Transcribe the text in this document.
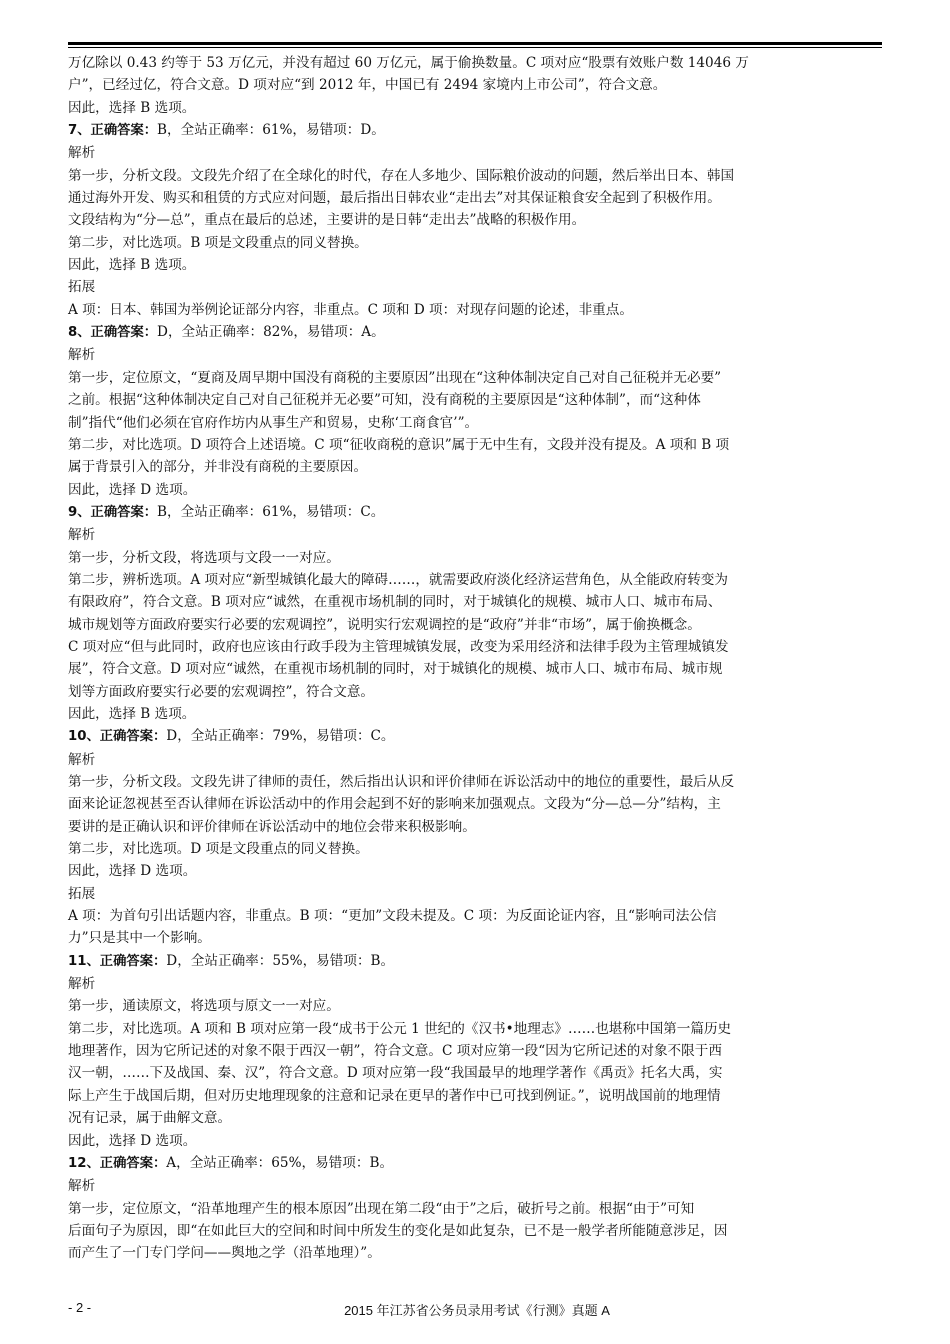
万亿除以 0.43 约等于 53 万亿元，并没有超过 60 万亿元，属于偷换数量。C 项对应“股票有效账户数 14046 万
户”，已经过亿，符合文意。D 项对应“到 2012 年，中国已有 2494 家境内上市公司”，符合文意。
因此，选择 B 选项。
7、正确答案：B，全站正确率：61%，易错项：D。
解析
第一步，分析文段。文段先介绍了在全球化的时代，存在人多地少、国际粮价波动的问题，然后举出日本、韩国
通过海外开发、购买和租赁的方式应对问题，最后指出日韩农业“走出去”对其保证粮食安全起到了积极作用。
文段结构为“分—总”，重点在最后的总述，主要讲的是日韩“走出去”战略的积极作用。
第二步，对比选项。B 项是文段重点的同义替换。
因此，选择 B 选项。
拓展
A 项：日本、韩国为举例论证部分内容，非重点。C 项和 D 项：对现存问题的论述，非重点。
8、正确答案：D，全站正确率：82%，易错项：A。
解析
第一步，定位原文，“夏商及周早期中国没有商税的主要原因”出现在“这种体制决定自己对自己征税并无必要”
之前。根据“这种体制决定自己对自己征税并无必要”可知，没有商税的主要原因是“这种体制”，而“这种体
制”指代“他们必须在官府作坊内从事生产和贸易，史称‘工商食官’”。
第二步，对比选项。D 项符合上述语境。C 项“征收商税的意识”属于无中生有，文段并没有提及。A 项和 B 项
属于背景引入的部分，并非没有商税的主要原因。
因此，选择 D 选项。
9、正确答案：B，全站正确率：61%，易错项：C。
解析
第一步，分析文段，将选项与文段一一对应。
第二步，辨析选项。A 项对应“新型城镇化最大的障碍……，就需要政府淡化经济运营角色，从全能政府转变为
有限政府”，符合文意。B 项对应“诚然，在重视市场机制的同时，对于城镇化的规模、城市人口、城市布局、
城市规划等方面政府要实行必要的宏观调控”，说明实行宏观调控的是“政府”并非“市场”，属于偷换概念。
C 项对应“但与此同时，政府也应该由行政手段为主管理城镇发展，改变为采用经济和法律手段为主管理城镇发
展”，符合文意。D 项对应“诚然，在重视市场机制的同时，对于城镇化的规模、城市人口、城市布局、城市规
划等方面政府要实行必要的宏观调控”，符合文意。
因此，选择 B 选项。
10、正确答案：D，全站正确率：79%，易错项：C。
解析
第一步，分析文段。文段先讲了律师的责任，然后指出认识和评价律师在诉讼活动中的地位的重要性，最后从反
面来论证忽视甚至否认律师在诉讼活动中的作用会起到不好的影响来加强观点。文段为“分—总—分”结构，主
要讲的是正确认识和评价律师在诉讼活动中的地位会带来积极影响。
第二步，对比选项。D 项是文段重点的同义替换。
因此，选择 D 选项。
拓展
A 项：为首句引出话题内容，非重点。B 项：“更加”文段未提及。C 项：为反面论证内容，且“影响司法公信
力”只是其中一个影响。
11、正确答案：D，全站正确率：55%，易错项：B。
解析
第一步，通读原文，将选项与原文一一对应。
第二步，对比选项。A 项和 B 项对应第一段“成书于公元 1 世纪的《汉书•地理志》……也堪称中国第一篇历史
地理著作，因为它所记述的对象不限于西汉一朝”，符合文意。C 项对应第一段“因为它所记述的对象不限于西
汉一朝，……下及战国、秦、汉”，符合文意。D 项对应第一段“我国最早的地理学著作《禹贡》托名大禹，实
际上产生于战国后期，但对历史地理现象的注意和记录在更早的著作中已可找到例证。”，说明战国前的地理情
况有记录，属于曲解文意。
因此，选择 D 选项。
12、正确答案：A，全站正确率：65%，易错项：B。
解析
第一步，定位原文，“沿革地理产生的根本原因”出现在第二段“由于”之后，破折号之前。根据“由于”可知
后面句子为原因，即“在如此巨大的空间和时间中所发生的变化是如此复杂，已不是一般学者所能随意涉足，因
而产生了一门专门学问——舆地之学（沿革地理）”。
- 2 -	2015 年江苏省公务员录用考试《行测》真题 A
